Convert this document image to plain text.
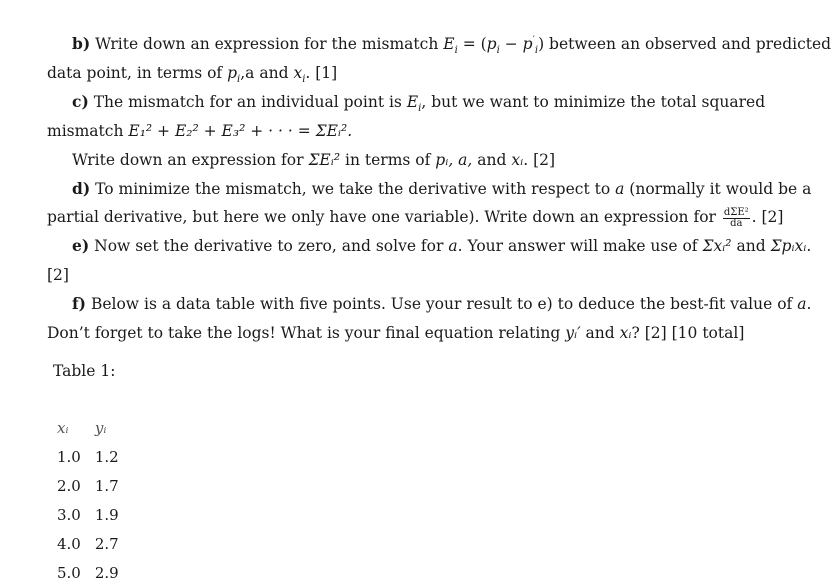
b) Write down an expression for the mismatch $E_i = (p_i - p'_i)$ between an observed and predicted
data point, in terms of $p_i,a$ and $x_i$. [1]
c) The mismatch for an individual point is $E_i$, but we want to minimize the total squared
mismatch E₁² + E₂² + E₃² + · · · = ΣEᵢ².
Write down an expression for ΣEᵢ² in terms of pᵢ, a, and xᵢ. [2]
d) To minimize the mismatch, we take the derivative with respect to a (normally it would be a
partial derivative, but here we only have one variable). Write down an expression for $\frac{\text{dΣE²}}{da}$ . [2]
e) Now set the derivative to zero, and solve for a. Your answer will make use of Σxᵢ² and Σpᵢxᵢ.
[2]
f) Below is a data table with five points. Use your result to e) to deduce the best-fit value of a.
Don’t forget to take the logs! What is your final equation relating yᵢ′ and xᵢ? [2] [10 total]
Table 1:
xᵢ	yᵢ
1.0	1.2
2.0	1.7
3.0	1.9
4.0	2.7
5.0	2.9
